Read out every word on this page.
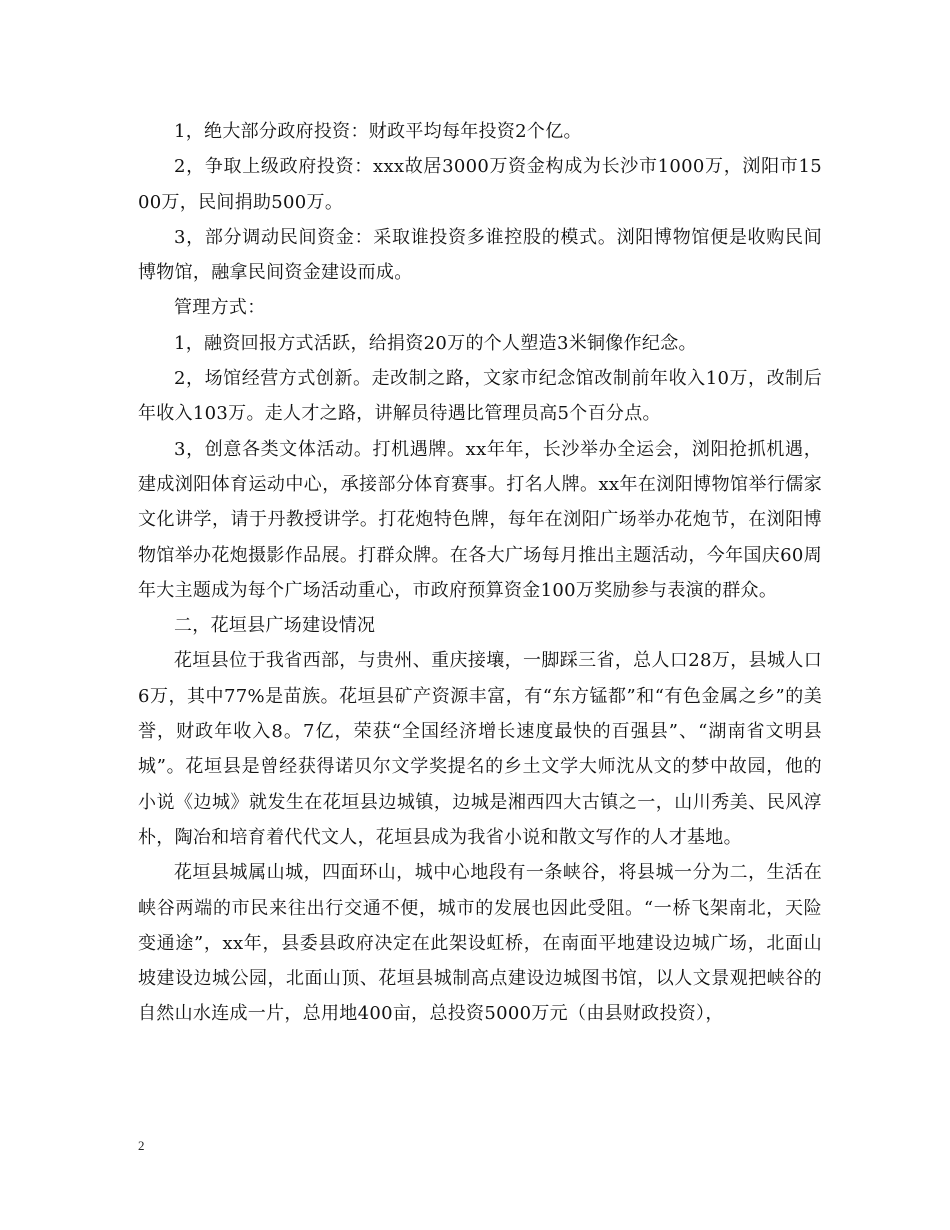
1，绝大部分政府投资：财政平均每年投资2个亿。

2，争取上级政府投资：xxx故居3000万资金构成为长沙市1000万，浏阳市1500万，民间捐助500万。

3，部分调动民间资金：采取谁投资多谁控股的模式。浏阳博物馆便是收购民间博物馆，融拿民间资金建设而成。

管理方式：

1，融资回报方式活跃，给捐资20万的个人塑造3米铜像作纪念。

2，场馆经营方式创新。走改制之路，文家市纪念馆改制前年收入10万，改制后年收入103万。走人才之路，讲解员待遇比管理员高5个百分点。

3，创意各类文体活动。打机遇牌。xx年年，长沙举办全运会，浏阳抢抓机遇，建成浏阳体育运动中心，承接部分体育赛事。打名人牌。xx年在浏阳博物馆举行儒家文化讲学，请于丹教授讲学。打花炮特色牌，每年在浏阳广场举办花炮节，在浏阳博物馆举办花炮摄影作品展。打群众牌。在各大广场每月推出主题活动，今年国庆60周年大主题成为每个广场活动重心，市政府预算资金100万奖励参与表演的群众。

二，花垣县广场建设情况

花垣县位于我省西部，与贵州、重庆接壤，一脚踩三省，总人口28万，县城人口6万，其中77%是苗族。花垣县矿产资源丰富，有“东方锰都”和“有色金属之乡”的美誉，财政年收入8。7亿，荣获“全国经济增长速度最快的百强县”、“湖南省文明县城”。花垣县是曾经获得诺贝尔文学奖提名的乡土文学大师沈从文的梦中故园，他的小说《边城》就发生在花垣县边城镇，边城是湘西四大古镇之一，山川秀美、民风淳朴，陶冶和培育着代代文人，花垣县成为我省小说和散文写作的人才基地。

花垣县城属山城，四面环山，城中心地段有一条峡谷，将县城一分为二，生活在峡谷两端的市民来往出行交通不便，城市的发展也因此受阻。“一桥飞架南北，天险变通途”，xx年，县委县政府决定在此架设虹桥，在南面平地建设边城广场，北面山坡建设边城公园，北面山顶、花垣县城制高点建设边城图书馆，以人文景观把峡谷的自然山水连成一片，总用地400亩，总投资5000万元（由县财政投资），

2
